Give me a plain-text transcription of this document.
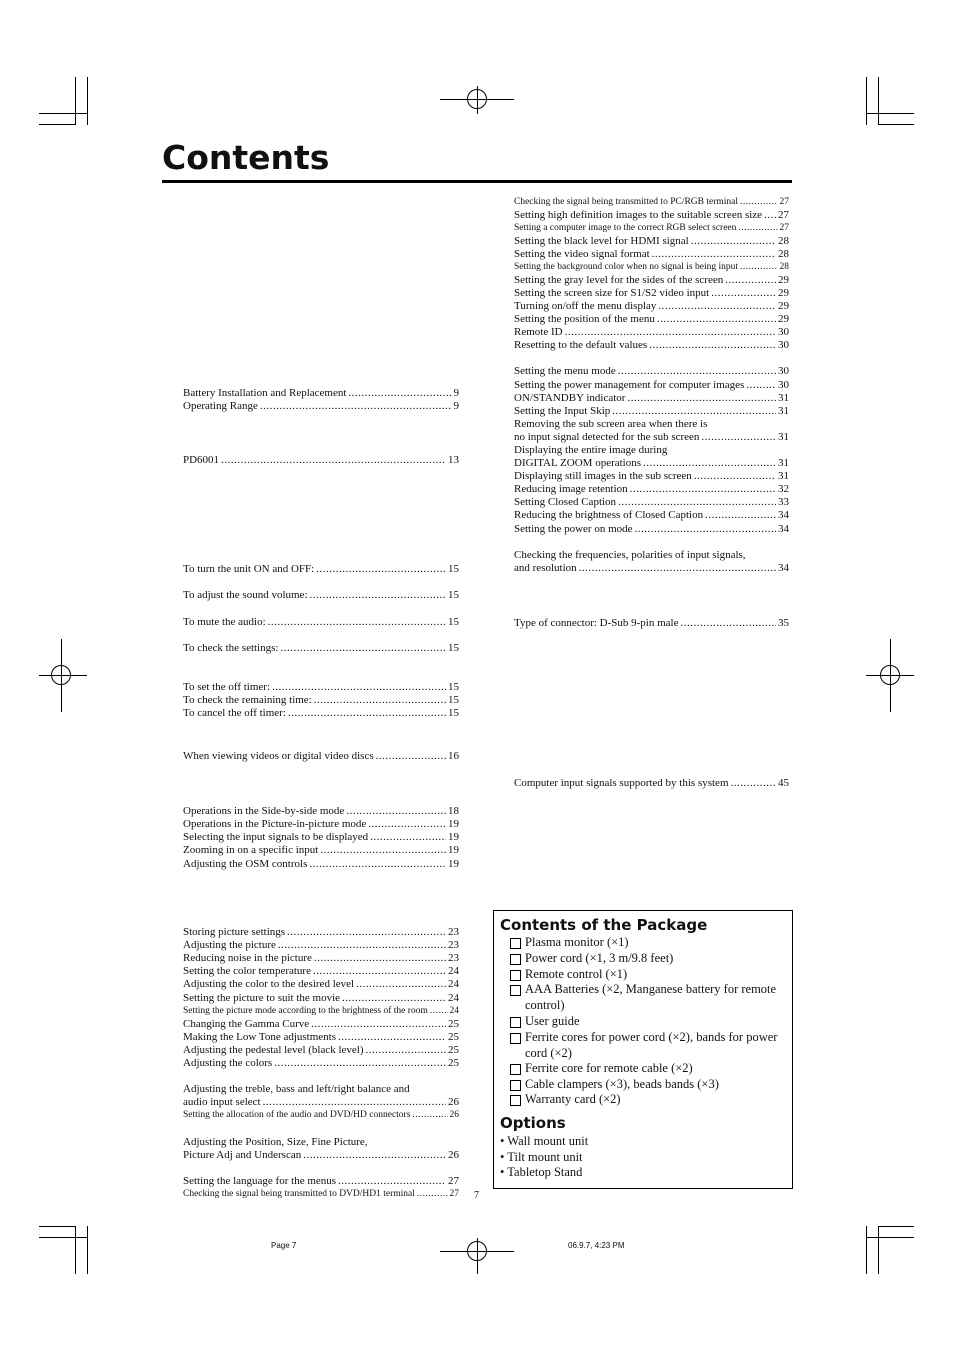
Contents
Battery Installation and Replacement .....	9
Operating Range .....	9
PD6001 .....	13
To turn the unit ON and OFF: .....	15
To adjust the sound volume: .....	15
To mute the audio: .....	15
To check the settings: .....	15
To set the off timer: .....	15
To check the remaining time: .....	15
To cancel the off timer: .....	15
When viewing videos or digital video discs .....	16
Operations in the Side-by-side mode .....	18
Operations in the Picture-in-picture mode .....	19
Selecting the input signals to be displayed .....	19
Zooming in on a specific input .....	19
Adjusting the OSM controls .....	19
Storing picture settings .....	23
Adjusting the picture .....	23
Reducing noise in the picture .....	23
Setting the color temperature .....	24
Adjusting the color to the desired level .....	24
Setting the picture to suit the movie .....	24
Setting the picture mode according to the brightness of the room ..... 24
Changing the Gamma Curve .....	25
Making the Low Tone adjustments .....	25
Adjusting the pedestal level (black level) .....	25
Adjusting the colors .....	25
Adjusting the treble, bass and left/right balance and
audio input select .....	26
Setting the allocation of the audio and DVD/HD connectors .....	26
Adjusting the Position, Size, Fine Picture,
Picture Adj and Underscan .....	26
Setting the language for the menus .....	27
Checking the signal being transmitted to DVD/HD1 terminal .....	27
Checking the signal being transmitted to PC/RGB terminal .....	27
Setting high definition images to the suitable screen size ..... 27
Setting a computer image to the correct RGB select screen .....	27
Setting the black level for HDMI signal .....	28
Setting the video signal format .....	28
Setting the background color when no signal is being input .....	28
Setting the gray level for the sides of the screen .....	29
Setting the screen size for S1/S2 video input .....	29
Turning on/off the menu display .....	29
Setting the position of the menu .....	29
Remote ID .....	30
Resetting to the default values .....	30
Setting the menu mode .....	30
Setting the power management for computer images .....	30
ON/STANDBY indicator .....	31
Setting the Input Skip .....	31
Removing the sub screen area when there is
no input signal detected for the sub screen .....	31
Displaying the entire image during
DIGITAL ZOOM operations .....	31
Displaying still images in the sub screen .....	31
Reducing image retention .....	32
Setting Closed Caption .....	33
Reducing the brightness of Closed Caption .....	34
Setting the power on mode .....	34
Checking the frequencies, polarities of input signals,
and resolution .....	34
Type of connector: D-Sub 9-pin male .....	35
Computer input signals supported by this system .....	45
Contents of the Package
Plasma monitor (×1)
Power cord (×1, 3 m/9.8 feet)
Remote control (×1)
AAA Batteries (×2, Manganese battery for remote control)
User guide
Ferrite cores for power cord (×2), bands for power cord (×2)
Ferrite core for remote cable (×2)
Cable clampers (×3), beads bands (×3)
Warranty card (×2)
Options
• Wall mount unit
• Tilt mount unit
• Tabletop Stand
7
Page 7	06.9.7, 4:23 PM
